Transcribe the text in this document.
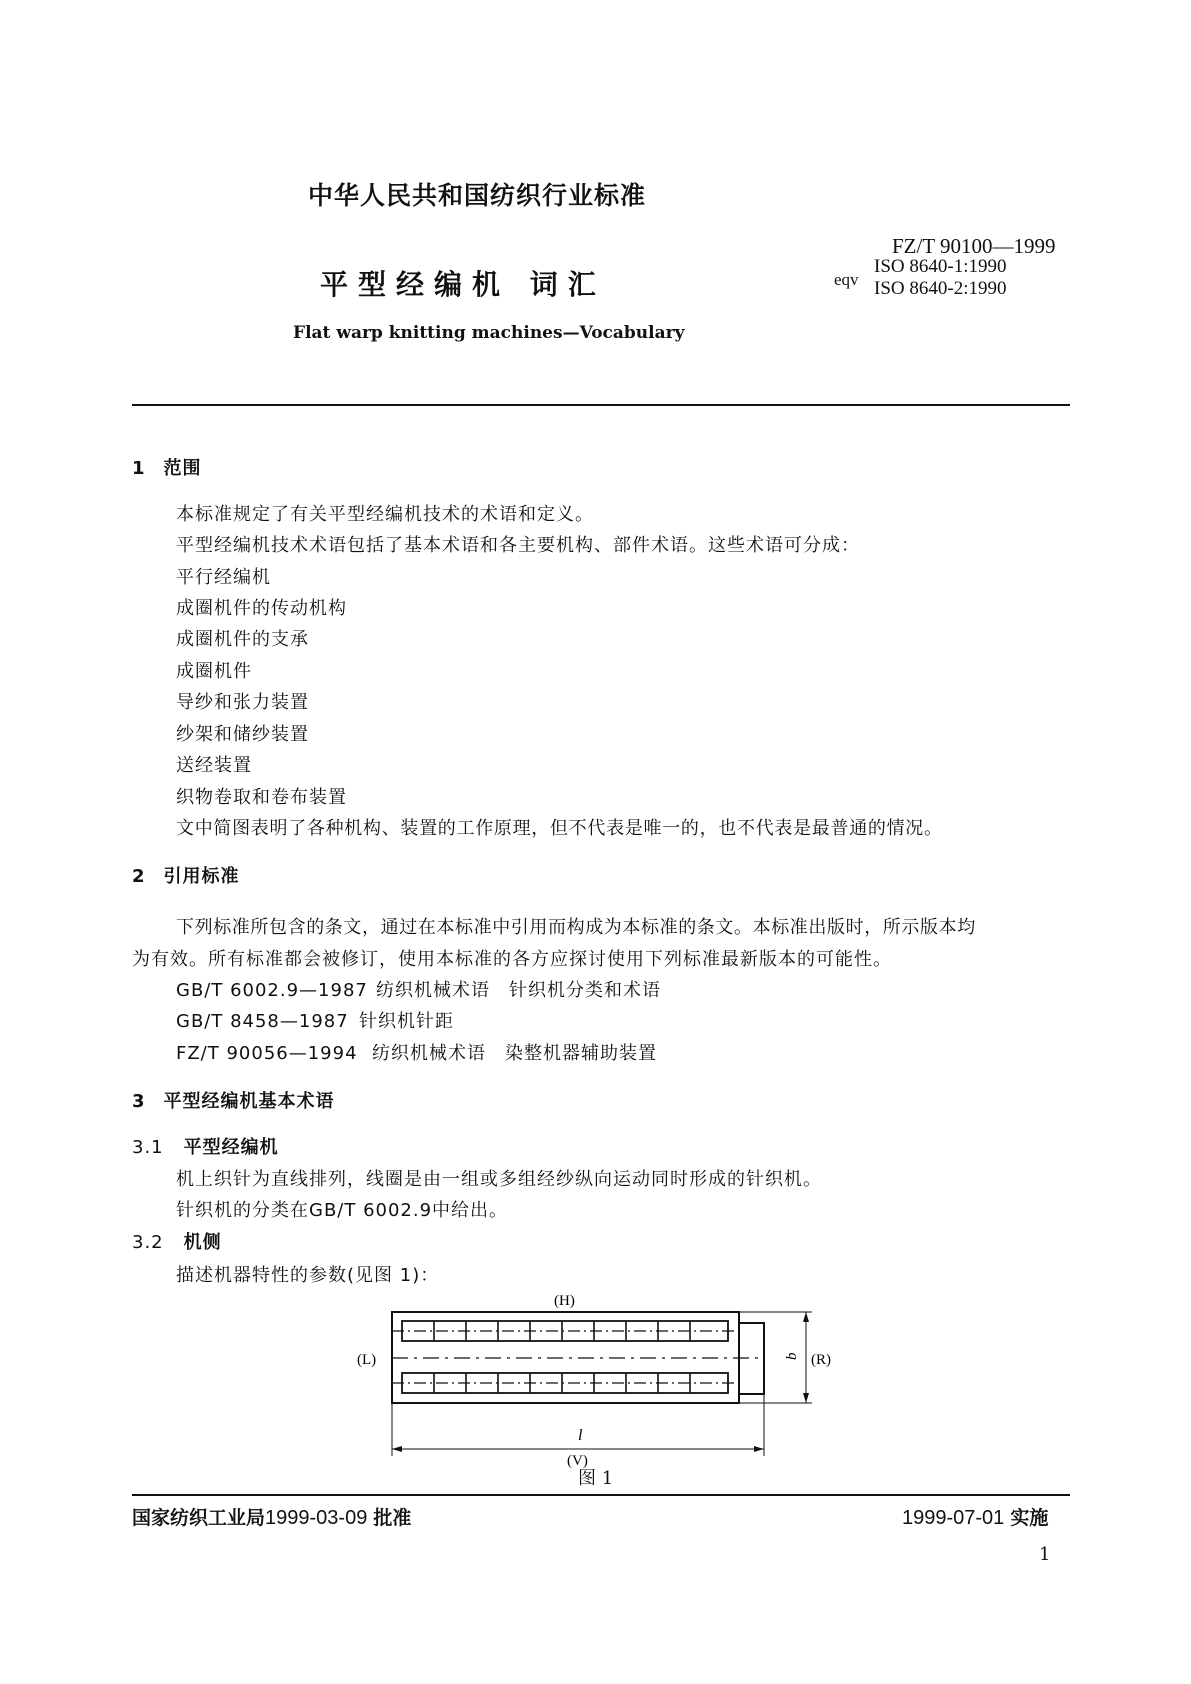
中华人民共和国纺织行业标准
FZ/T 90100—1999
eqv
ISO 8640-1:1990
ISO 8640-2:1990
平型经编机 词汇
Flat warp knitting machines—Vocabulary
1 范围
本标准规定了有关平型经编机技术的术语和定义。
平型经编机技术术语包括了基本术语和各主要机构、部件术语。这些术语可分成：
平行经编机
成圈机件的传动机构
成圈机件的支承
成圈机件
导纱和张力装置
纱架和储纱装置
送经装置
织物卷取和卷布装置
文中简图表明了各种机构、装置的工作原理，但不代表是唯一的，也不代表是最普通的情况。
2 引用标准
下列标准所包含的条文，通过在本标准中引用而构成为本标准的条文。本标准出版时，所示版本均
为有效。所有标准都会被修订，使用本标准的各方应探讨使用下列标准最新版本的可能性。
GB/T 6002.9—1987 纺织机械术语　针织机分类和术语
GB/T 8458—1987 针织机针距
FZ/T 90056—1994 纺织机械术语　染整机器辅助装置
3 平型经编机基本术语
3.1 平型经编机
机上织针为直线排列，线圈是由一组或多组经纱纵向运动同时形成的针织机。
针织机的分类在GB/T 6002.9中给出。
3.2 机侧
描述机器特性的参数(见图 1)：
(H)
(L)	(R)
(V)
l
b
图 1
国家纺织工业局1999-03-09 批准	1999-07-01 实施
1
